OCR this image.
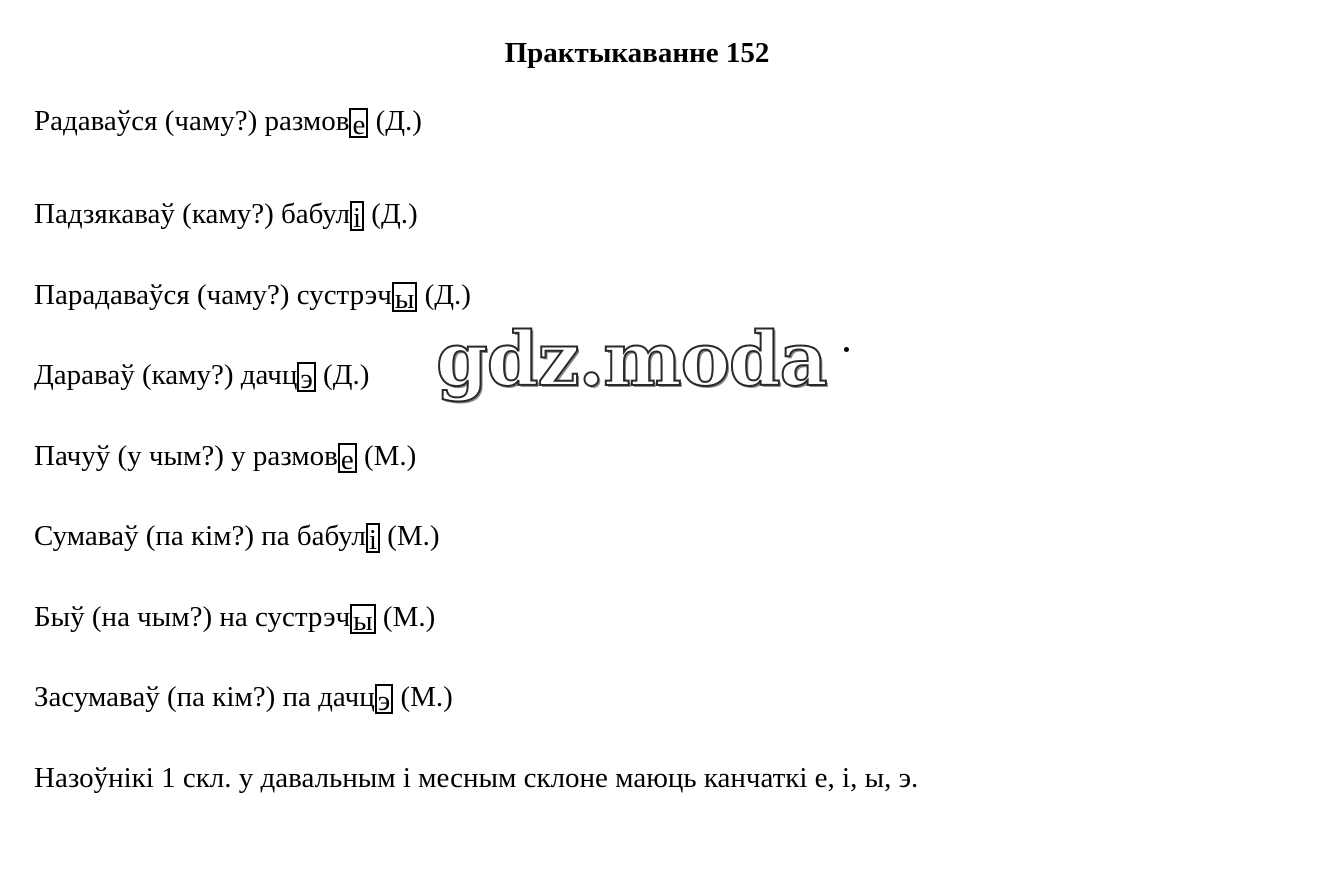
Практыкаванне 152
Радаваўся (чаму?) размов е (Д.)
Падзякаваў (каму?) бабул і (Д.)
Парадаваўся (чаму?) сустрэч ы (Д.)
Дараваў (каму?) дачц э (Д.)
Пачуў (у чым?) у размов е (М.)
Сумаваў (па кім?) па бабул і (М.)
Быў (на чым?) на сустрэч ы (М.)
Засумаваў (па кім?) па дачц э (М.)
Назоўнікі 1 скл. у давальным і месным склоне маюць канчаткі е, і, ы, э.
gdz.moda
